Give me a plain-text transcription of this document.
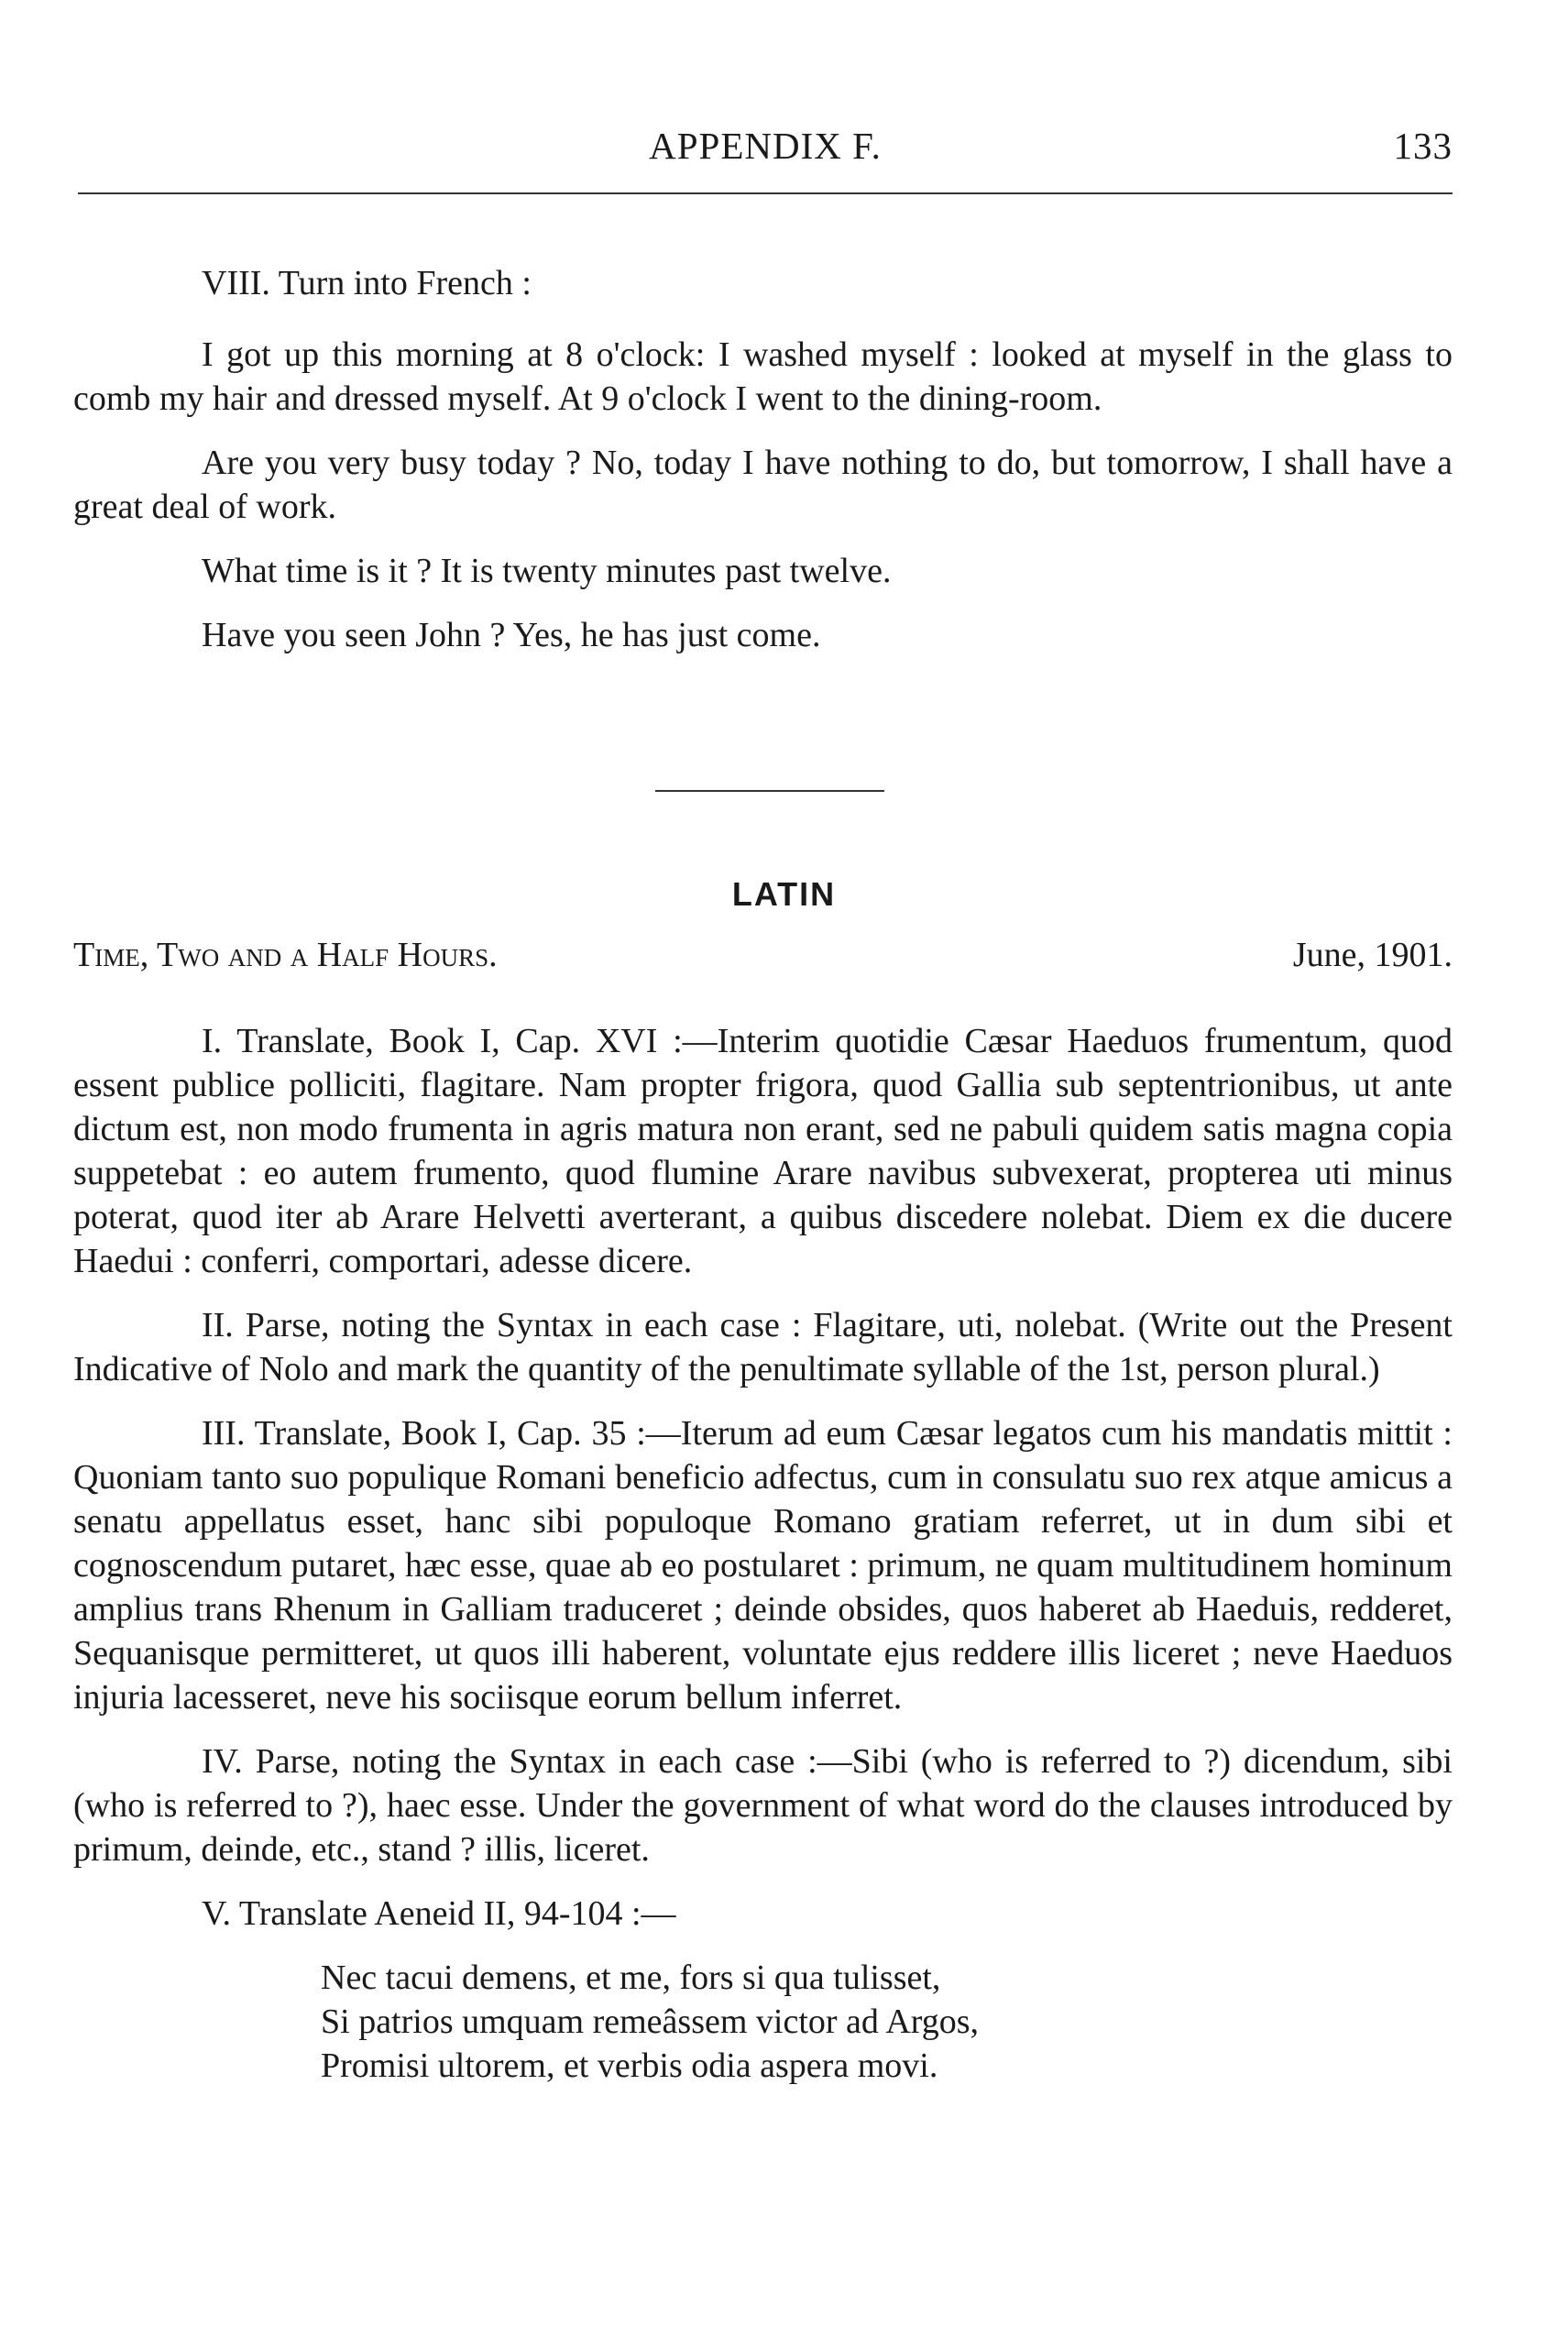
APPENDIX F.	133

VIII. Turn into French :

I got up this morning at 8 o'clock: I washed myself : looked at myself in the glass to comb my hair and dressed myself. At 9 o'clock I went to the dining-room.

Are you very busy today ? No, today I have nothing to do, but tomorrow, I shall have a great deal of work.

What time is it ? It is twenty minutes past twelve.

Have you seen John ? Yes, he has just come.

LATIN
Time, Two and a Half Hours.	June, 1901.

I. Translate, Book I, Cap. XVI :—Interim quotidie Cæsar Haeduos frumentum, quod essent publice polliciti, flagitare. Nam propter frigora, quod Gallia sub septentrionibus, ut ante dictum est, non modo frumenta in agris matura non erant, sed ne pabuli quidem satis magna copia suppetebat : eo autem frumento, quod flumine Arare navibus subvexerat, propterea uti minus poterat, quod iter ab Arare Helvetti averterant, a quibus discedere nolebat. Diem ex die ducere Haedui : conferri, comportari, adesse dicere.

II. Parse, noting the Syntax in each case : Flagitare, uti, nolebat. (Write out the Present Indicative of Nolo and mark the quantity of the penultimate syllable of the 1st, person plural.)

III. Translate, Book I, Cap. 35 :—Iterum ad eum Cæsar legatos cum his mandatis mittit : Quoniam tanto suo populique Romani beneficio adfectus, cum in consulatu suo rex atque amicus a senatu appellatus esset, hanc sibi populoque Romano gratiam referret, ut in dum sibi et cognoscendum putaret, hæc esse, quae ab eo postularet : primum, ne quam multitudinem hominum amplius trans Rhenum in Galliam traduceret ; deinde obsides, quos haberet ab Haeduis, redderet, Sequanisque permitteret, ut quos illi haberent, voluntate ejus reddere illis liceret ; neve Haeduos injuria lacesseret, neve his sociisque eorum bellum inferret.

IV. Parse, noting the Syntax in each case :—Sibi (who is referred to ?) dicendum, sibi (who is referred to ?), haec esse. Under the government of what word do the clauses introduced by primum, deinde, etc., stand ? illis, liceret.

V. Translate Aeneid II, 94-104 :—

Nec tacui demens, et me, fors si qua tulisset,
Si patrios umquam remeâssem victor ad Argos,
Promisi ultorem, et verbis odia aspera movi.
